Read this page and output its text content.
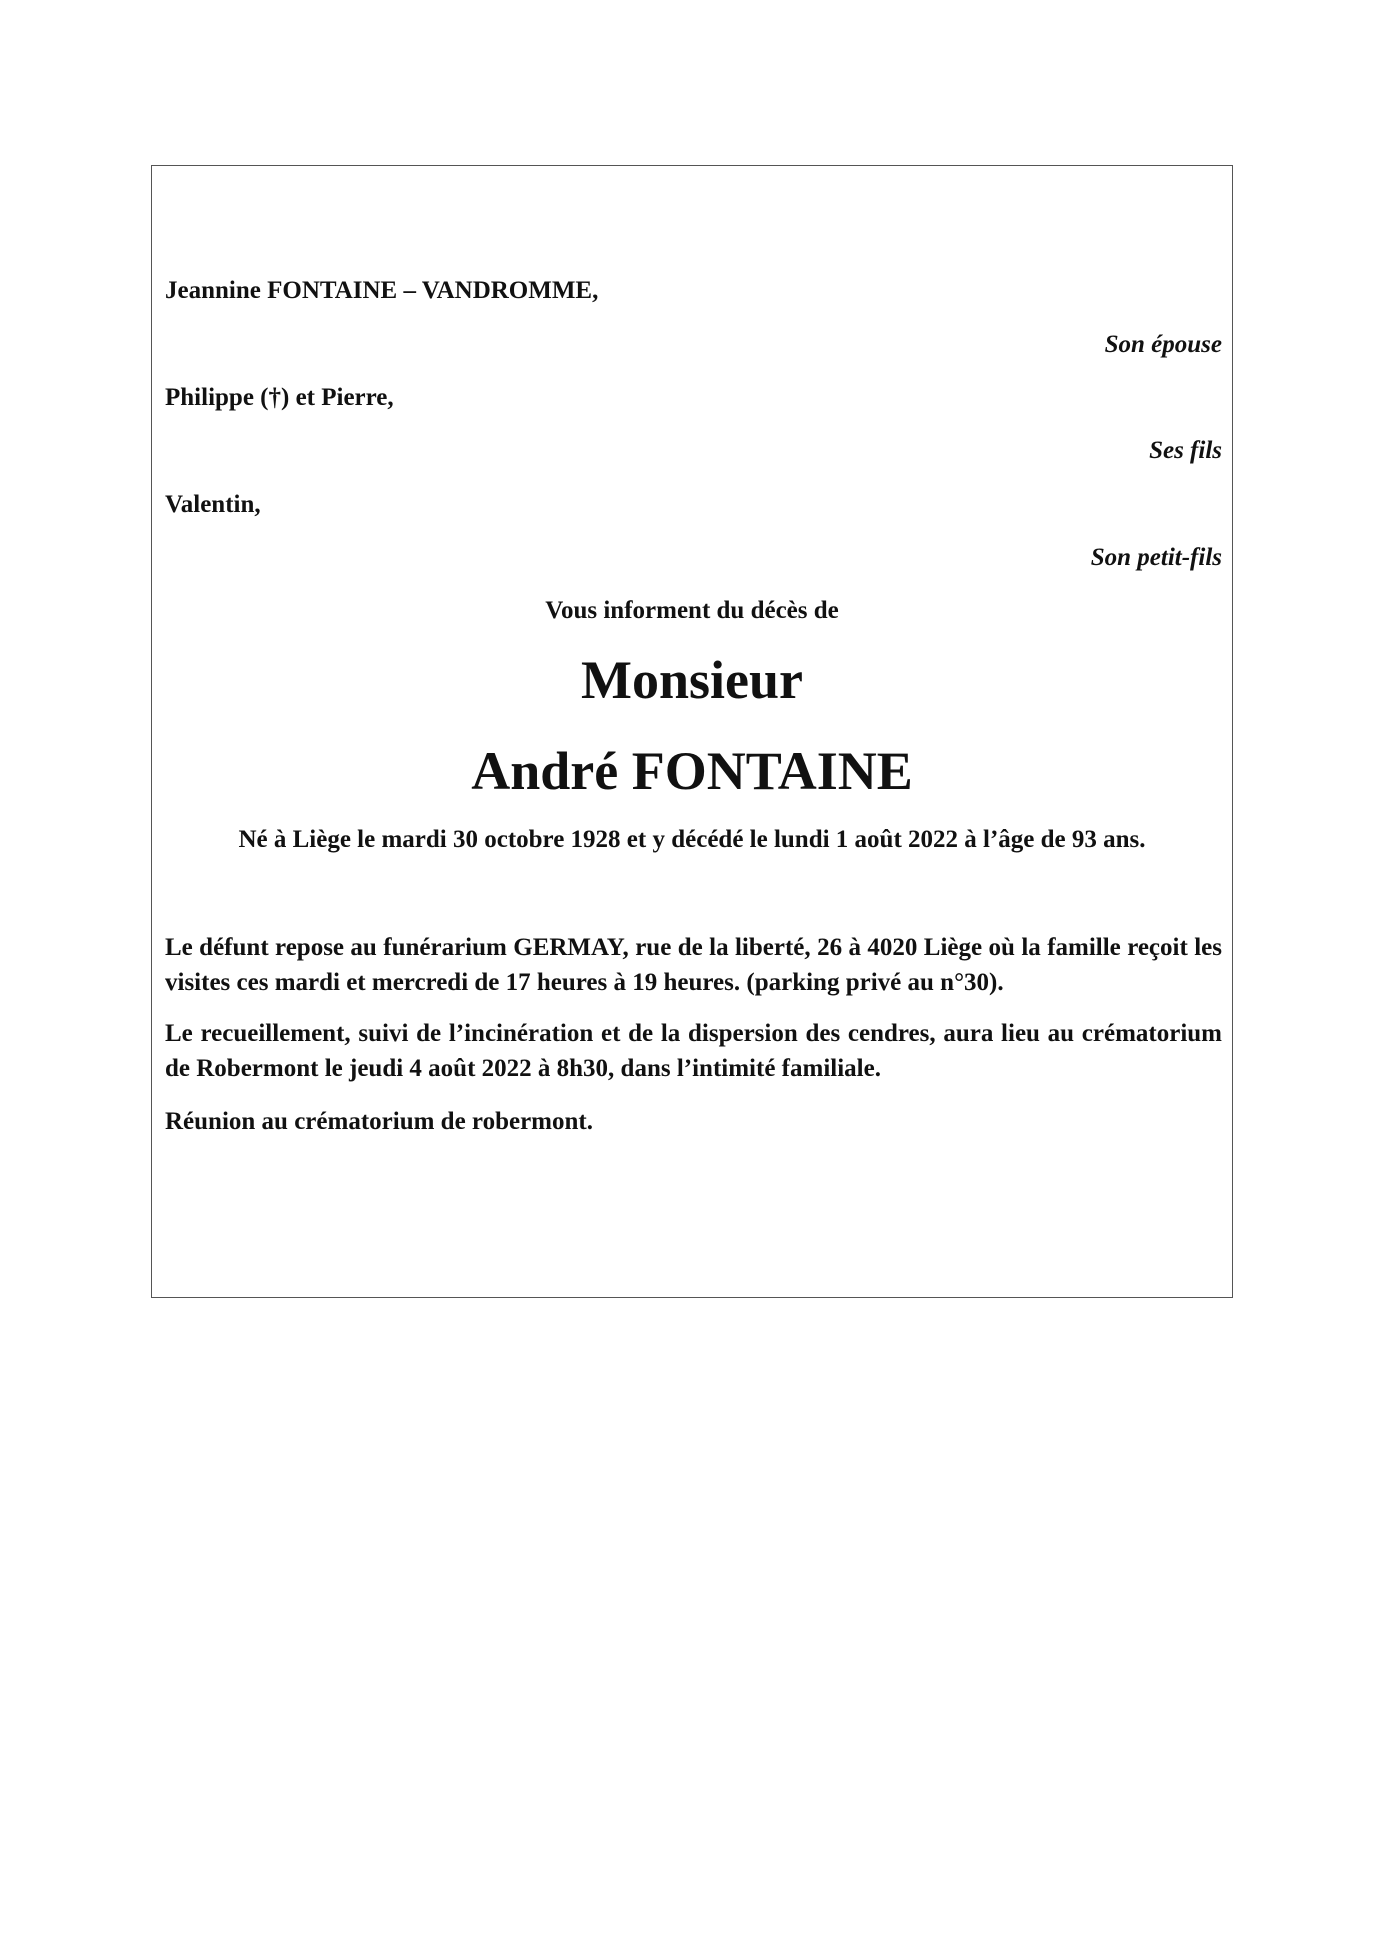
Jeannine FONTAINE – VANDROMME,
Son épouse
Philippe (†) et Pierre,
Ses fils
Valentin,
Son petit-fils
Vous informent du décès de
Monsieur
André FONTAINE
Né à Liège le mardi 30 octobre 1928 et y décédé le lundi 1 août 2022 à l’âge de 93 ans.
Le défunt repose au funérarium GERMAY, rue de la liberté, 26 à 4020 Liège où la famille reçoit les visites ces mardi et mercredi de 17 heures à 19 heures. (parking privé au n°30).
Le recueillement, suivi de l’incinération et de la dispersion des cendres, aura lieu au crématorium de Robermont le jeudi 4 août 2022 à 8h30, dans l’intimité familiale.
Réunion au crématorium de robermont.
